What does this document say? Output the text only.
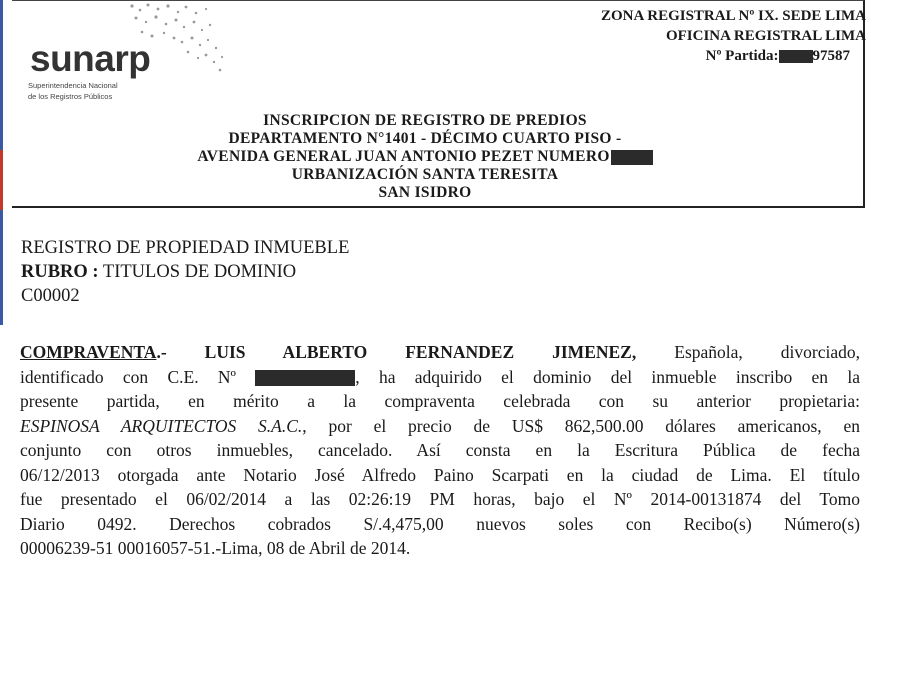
sunarp
Superintendencia Nacional
de los Registros Públicos
ZONA REGISTRAL Nº IX. SEDE LIMA
OFICINA REGISTRAL LIMA
Nº Partida: 97587
INSCRIPCION DE REGISTRO DE PREDIOS
DEPARTAMENTO N°1401 - DÉCIMO CUARTO PISO -
AVENIDA GENERAL JUAN ANTONIO PEZET NUMERO
URBANIZACIÓN SANTA TERESITA
SAN ISIDRO
REGISTRO DE PROPIEDAD INMUEBLE
RUBRO : TITULOS DE DOMINIO
C00002
COMPRAVENTA.- LUIS ALBERTO FERNANDEZ JIMENEZ, Española, divorciado,
identificado con C.E. Nº	, ha adquirido el dominio del inmueble inscribo en la
presente partida, en mérito a la compraventa celebrada con su anterior propietaria:
ESPINOSA ARQUITECTOS S.A.C., por el precio de US$ 862,500.00 dólares americanos, en
conjunto con otros inmuebles, cancelado. Así consta en la Escritura Pública de fecha
06/12/2013 otorgada ante Notario José Alfredo Paino Scarpati en la ciudad de Lima. El título
fue presentado el 06/02/2014 a las 02:26:19 PM horas, bajo el Nº 2014-00131874 del Tomo
Diario 0492. Derechos cobrados S/.4,475,00 nuevos soles con Recibo(s) Número(s)
00006239-51 00016057-51.-Lima, 08 de Abril de 2014.
